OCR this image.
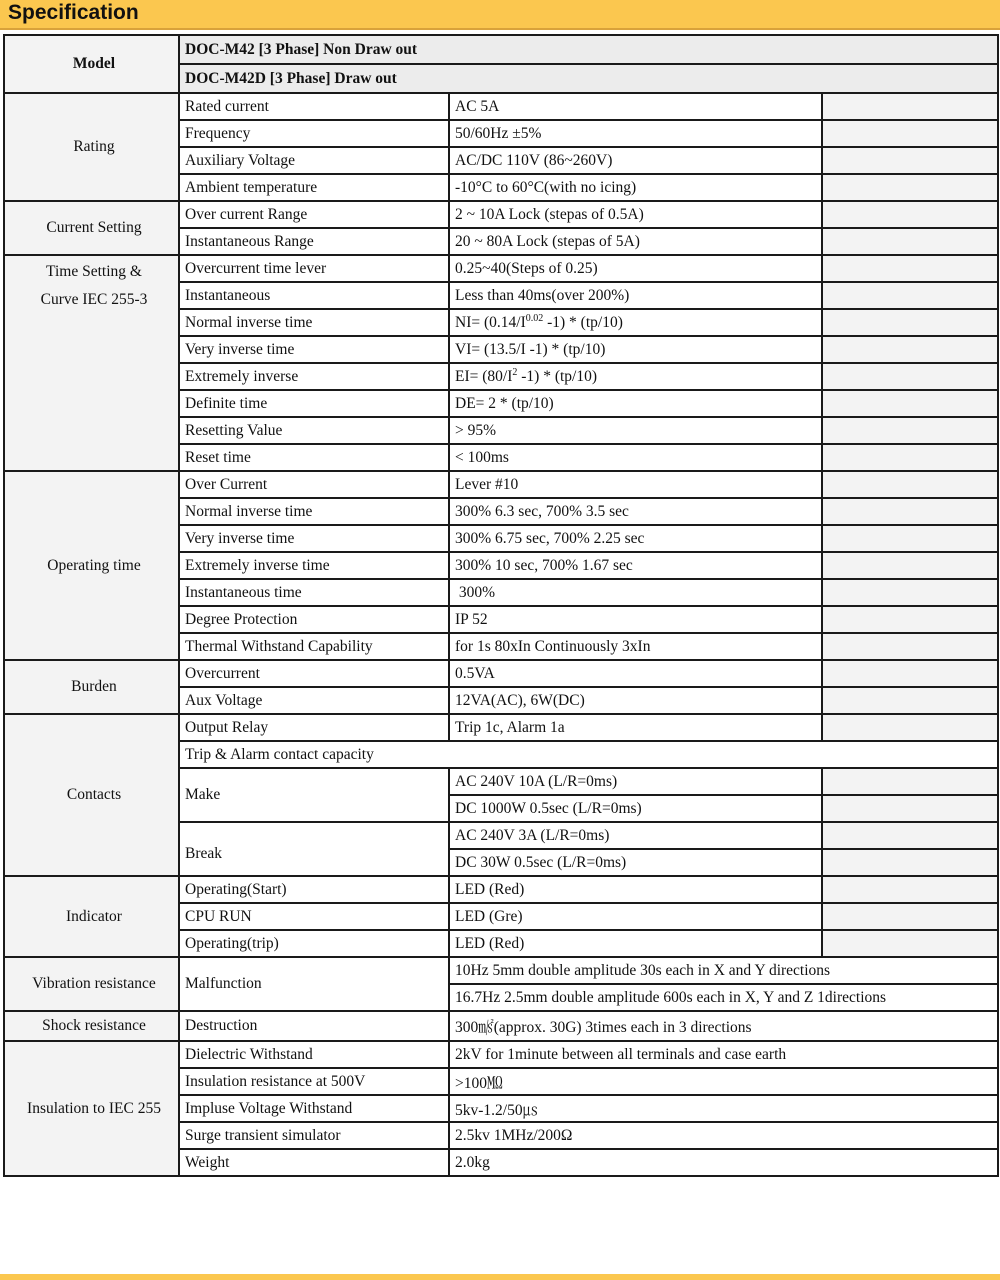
Specification
Model	DOC-M42 [3 Phase] Non Draw out		
	DOC-M42D [3 Phase] Draw out		
Rating	Rated current	AC 5A	
	Frequency	50/60Hz ±5%	
	Auxiliary Voltage	AC/DC 110V (86~260V)	
	Ambient temperature	-10°C to 60°C(with no icing)	
Current Setting	Over current Range	2 ~ 10A Lock (stepas of 0.5A)	
	Instantaneous Range	20 ~ 80A Lock (stepas of 5A)	

Time Setting &
Curve IEC 255-3	Overcurrent time lever	0.25~40(Steps of 0.25)	
	Instantaneous	Less than 40ms(over 200%)	
	Normal inverse time	$NI= (0.14/I^{0.02}$ -1) * (tp/10)	
	Very inverse time	VI= (13.5/I -1) * (tp/10)	
	Extremely inverse	$EI= (80/I^2$ -1) * (tp/10)	
	Definite time	DE= 2 * (tp/10)	
	Resetting Value	> 95%	
	Reset time	< 100ms	
Operating time	Over Current	Lever #10	
	Normal inverse time	300% 6.3 sec, 700% 3.5 sec	
	Very inverse time	300% 6.75 sec, 700% 2.25 sec	
	Extremely inverse time	300% 10 sec, 700% 1.67 sec	
	Instantaneous time	300%	
	Degree Protection	IP 52	
	Thermal Withstand Capability	for 1s 80xIn Continuously 3xIn	
Burden	Overcurrent	0.5VA	
	Aux Voltage	12VA(AC), 6W(DC)	
Contacts	Output Relay	Trip 1c, Alarm 1a	
	Trip & Alarm contact capacity		
	Make	AC 240V 10A (L/R=0ms)	
		DC 1000W 0.5sec (L/R=0ms)	
	Break	AC 240V 3A (L/R=0ms)	
		DC 30W 0.5sec (L/R=0ms)	
Indicator	Operating(Start)	LED (Red)	
	CPU RUN	LED (Gre)	
	Operating(trip)	LED (Red)	
Vibration resistance	Malfunction	10Hz 5mm double amplitude 30s each in X and Y directions	
		16.7Hz 2.5mm double amplitude 600s each in X, Y and Z 1directions	
Shock resistance	Destruction	300㎨(approx. 30G) 3times each in 3 directions	
Insulation to IEC 255	Dielectric Withstand	2kV for 1minute between all terminals and case earth	
	Insulation resistance at 500V	>100㏁	
	Impluse Voltage Withstand	5kv-1.2/50㎲	
	Surge transient simulator	2.5kv 1MHz/200Ω	
	Weight	2.0kg	
